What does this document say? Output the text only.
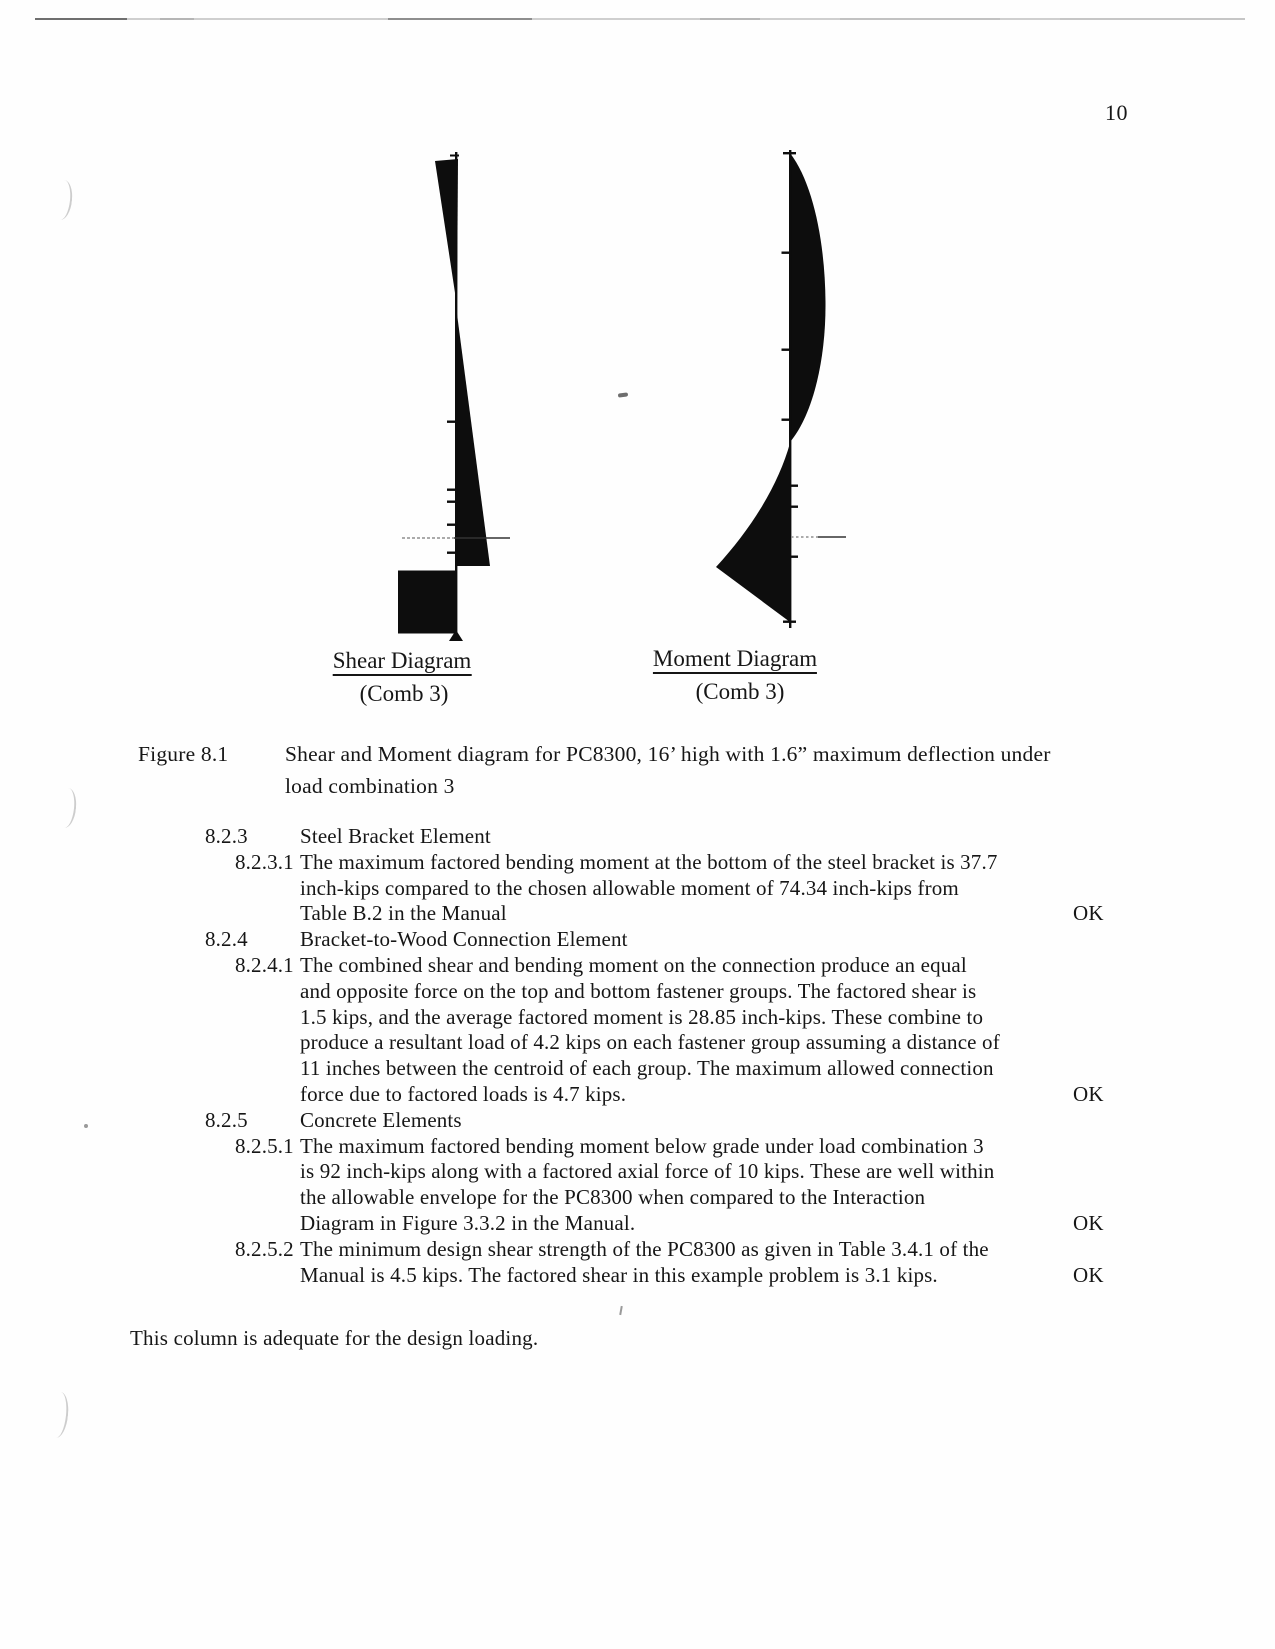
10
Shear Diagram
(Comb 3)
Moment Diagram
(Comb 3)
Figure 8.1	Shear and Moment diagram for PC8300, 16’ high with 1.6” maximum deflection under
load combination 3
8.2.3 Steel Bracket Element
8.2.3.1 The maximum factored bending moment at the bottom of the steel bracket is 37.7
inch-kips compared to the chosen allowable moment of 74.34 inch-kips from
Table B.2 in the Manual	OK
8.2.4 Bracket-to-Wood Connection Element
8.2.4.1 The combined shear and bending moment on the connection produce an equal
and opposite force on the top and bottom fastener groups. The factored shear is
1.5 kips, and the average factored moment is 28.85 inch-kips. These combine to
produce a resultant load of 4.2 kips on each fastener group assuming a distance of
11 inches between the centroid of each group. The maximum allowed connection
force due to factored loads is 4.7 kips.	OK
8.2.5 Concrete Elements
8.2.5.1 The maximum factored bending moment below grade under load combination 3
is 92 inch-kips along with a factored axial force of 10 kips. These are well within
the allowable envelope for the PC8300 when compared to the Interaction
Diagram in Figure 3.3.2 in the Manual.	OK
8.2.5.2 The minimum design shear strength of the PC8300 as given in Table 3.4.1 of the
Manual is 4.5 kips. The factored shear in this example problem is 3.1 kips.	OK
This column is adequate for the design loading.
